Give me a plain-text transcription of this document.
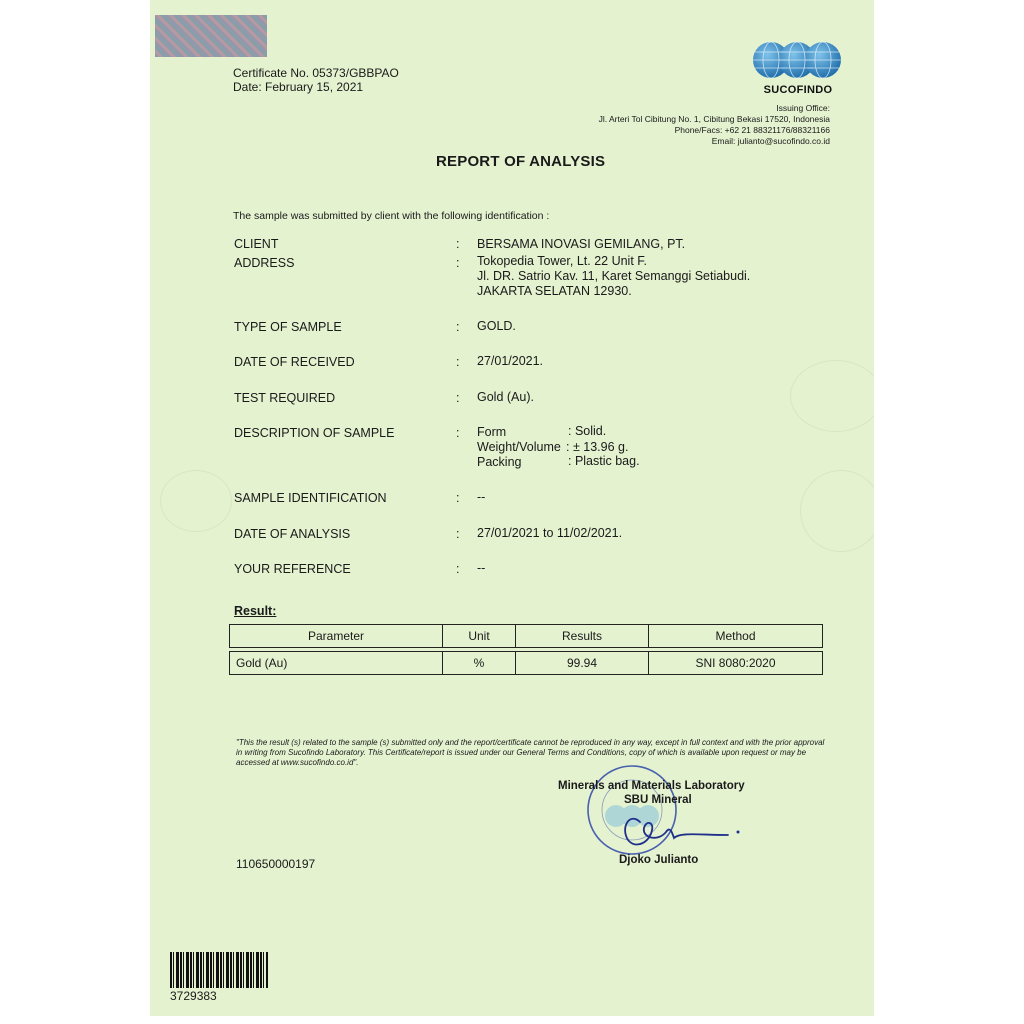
Certificate No. 05373/GBBPAO
Date: February 15, 2021	SUCOFINDO
Issuing Office:
Jl. Arteri Tol Cibitung No. 1, Cibitung Bekasi 17520, Indonesia
Phone/Facs: +62 21 88321176/88321166
Email: julianto@sucofindo.co.id
REPORT OF ANALYSIS
The sample was submitted by client with the following identification :
CLIENT	: BERSAMA INOVASI GEMILANG, PT.
ADDRESS	: Tokopedia Tower, Lt. 22 Unit F.
Jl. DR. Satrio Kav. 11, Karet Semanggi Setiabudi.
JAKARTA SELATAN 12930.
TYPE OF SAMPLE	: GOLD.
DATE OF RECEIVED	: 27/01/2021.
TEST REQUIRED	: Gold (Au).
DESCRIPTION OF SAMPLE	: Form	: Solid.
Weight/Volume : ± 13.96 g.
Packing	: Plastic bag.
SAMPLE IDENTIFICATION	: --
DATE OF ANALYSIS	: 27/01/2021 to 11/02/2021.
YOUR REFERENCE	: --
Result:
Parameter	Unit	Results	Method

Gold (Au)	%	99.94	SNI 8080:2020
"This the result (s) related to the sample (s) submitted only and the report/certificate cannot be reproduced in any way, except in full context and with the prior approval in writing from Sucofindo Laboratory. This Certificate/report is issued under our General Terms and Conditions, copy of which is available upon request or may be accessed at www.sucofindo.co.id".
Minerals and Materials Laboratory
SBU Mineral
Djoko Julianto
110650000197
3729383
